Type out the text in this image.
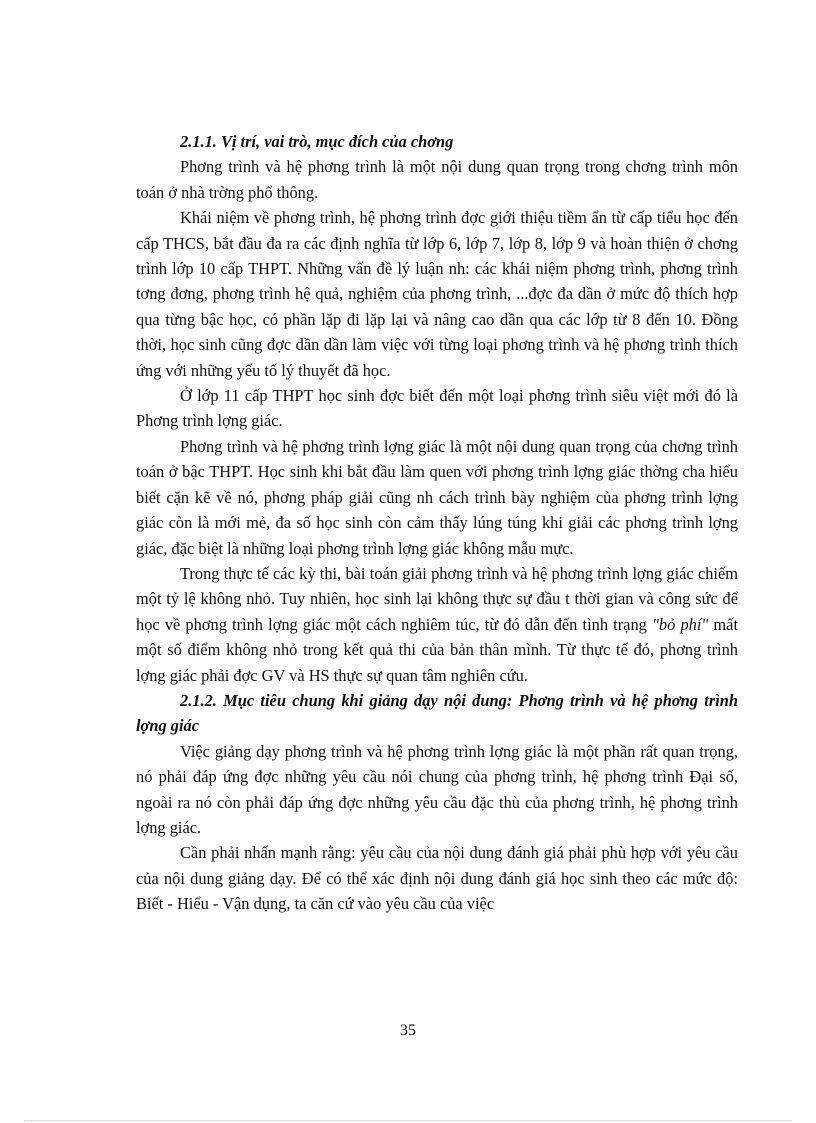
2.1.1. Vị trí, vai trò, mục đích của chơng

Phơng trình và hệ phơng trình là một nội dung quan trọng trong chơng trình môn toán ở nhà trờng phổ thông.

Khái niệm về phơng trình, hệ phơng trình đợc giới thiệu tiềm ẩn từ cấp tiểu học đến cấp THCS, bắt đầu đa ra các định nghĩa từ lớp 6, lớp 7, lớp 8, lớp 9 và hoàn thiện ở chơng trình lớp 10 cấp THPT. Những vấn đề lý luận nh: các khái niệm phơng trình, phơng trình tơng đơng, phơng trình hệ quả, nghiệm của phơng trình, ...đợc đa dần ở mức độ thích hợp qua từng bậc học, có phần lặp đi lặp lại và nâng cao dần qua các lớp từ 8 đến 10. Đồng thời, học sinh cũng đợc dần dần làm việc với từng loại phơng trình và hệ phơng trình thích ứng với những yếu tố lý thuyết đã học.

Ở lớp 11 cấp THPT học sinh đợc biết đến một loại phơng trình siêu việt mới đó là Phơng trình lợng giác.

Phơng trình và hệ phơng trình lợng giác là một nội dung quan trọng của chơng trình toán ở bậc THPT. Học sinh khi bắt đầu làm quen với phơng trình lợng giác thờng cha hiểu biết cặn kẽ về nó, phơng pháp giải cũng nh cách trình bày nghiệm của phơng trình lợng giác còn là mới mẻ, đa số học sinh còn cảm thấy lúng túng khi giải các phơng trình lợng giác, đặc biệt là những loại phơng trình lợng giác không mẫu mực.

Trong thực tế các kỳ thi, bài toán giải phơng trình và hệ phơng trình lợng giác chiếm một tỷ lệ không nhỏ. Tuy nhiên, học sinh lại không thực sự đầu t thời gian và công sức để học về phơng trình lợng giác một cách nghiêm túc, từ đó dẫn đến tình trạng "bỏ phí" mất một số điểm không nhỏ trong kết quả thi của bản thân mình. Từ thực tế đó, phơng trình lợng giác phải đợc GV và HS thực sự quan tâm nghiên cứu.

2.1.2. Mục tiêu chung khi giảng dạy nội dung: Phơng trình và hệ phơng trình lợng giác

Việc giảng dạy phơng trình và hệ phơng trình lợng giác là một phần rất quan trọng, nó phải đáp ứng đợc những yêu cầu nói chung của phơng trình, hệ phơng trình Đại số, ngoài ra nó còn phải đáp ứng đợc những yêu cầu đặc thù của phơng trình, hệ phơng trình lợng giác.

Cần phải nhấn mạnh rằng: yêu cầu của nội dung đánh giá phải phù hợp với yêu cầu của nội dung giảng dạy. Để có thể xác định nội dung đánh giá học sinh theo các mức độ: Biết - Hiểu - Vận dụng, ta căn cứ vào yêu cầu của việc

35
